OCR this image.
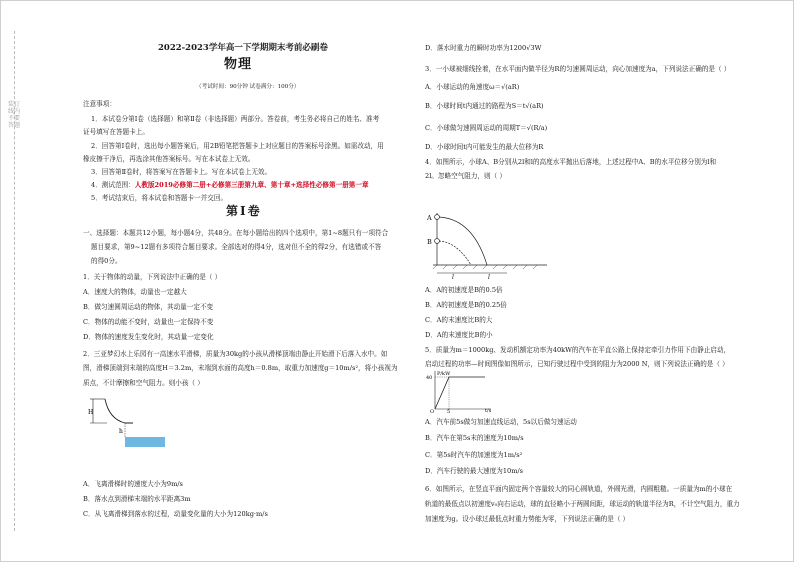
装订线内不要答题
2022-2023学年高一下学期期末考前必刷卷
物理
（考试时间：90分钟 试卷满分：100分）
注意事项：
1．本试卷分第Ⅰ卷（选择题）和第Ⅱ卷（非选择题）两部分。答卷前，考生务必将自己的姓名、准考
证号填写在答题卡上。
2．回答第Ⅰ卷时，选出每小题答案后，用2B铅笔把答题卡上对应题目的答案标号涂黑。如需改动，用
橡皮擦干净后，再选涂其他答案标号。写在本试卷上无效。
3．回答第Ⅱ卷时，将答案写在答题卡上。写在本试卷上无效。
4．测试范围：人教版2019必修第二册+必修第三册第九章、第十章+选择性必修第一册第一章
5．考试结束后，将本试卷和答题卡一并交回。
第Ⅰ卷
一、选择题：本题共12小题，每小题4分，共48分。在每小题给出的四个选项中，第1~8题只有一项符合
题目要求，第9~12题有多项符合题目要求。全部选对的得4分，选对但不全的得2分，有选错或不答
的得0分。
1．关于物体的动量，下列说法中正确的是（ ）
A．速度大的物体，动量也一定越大
B．做匀速圆周运动的物体，其动量一定不变
C．物体的动能不变时，动量也一定保持不变
D．物体的速度发生变化时，其动量一定变化
2．三亚梦幻水上乐园有一高速水平滑梯，质量为30kg的小孩从滑梯顶端由静止开始滑下后落入水中。如
图，滑梯顶端到末端的高度H＝3.2m，末端到水面的高度h＝0.8m，取重力加速度g＝10m/s²，将小孩视为
质点，不计摩擦和空气阻力。则小孩（ ）
H
h
A．飞离滑梯时的速度大小为9m/s
B．落水点到滑梯末端的水平距离3m
C．从飞离滑梯到落水的过程，动量变化量的大小为120kg·m/s
D．落水时重力的瞬时功率为1200√3W
3．一小球被细线拴着，在水平面内做半径为R的匀速圆周运动，向心加速度为a，下列说法正确的是（ ）
A．小球运动的角速度ω＝√(aR)
B．小球时间t内通过的路程为S＝t√(aR)
C．小球做匀速圆周运动的周期T＝√(R/a)
D．小球时间t内可能发生的最大位移为R
4．如图所示，小球A、B分别从2l和l的高度水平抛出后落地，上述过程中A、B的水平位移分别为l和
2l。忽略空气阻力，则（ ）
A
B
l	l
A．A的初速度是B的0.5倍
B．A的初速度是B的0.25倍
C．A的末速度比B的大
D．A的末速度比B的小
5．质量为m＝1000kg、发动机额定功率为40kW的汽车在平直公路上保持定牵引力作用下由静止启动，
启动过程的功率—时间图像如图所示，已知行驶过程中受到的阻力为2000 N，则下列说法正确的是（ ）
P/kW
t/s
40
5
O
A．汽车前5s做匀加速直线运动，5s以后做匀速运动
B．汽车在第5s末的速度为10m/s
C．第5s时汽车的加速度为1m/s²
D．汽车行驶的最大速度为10m/s
6．如图所示，在竖直平面内固定两个容量较大的同心圆轨道，外圆光滑，内圆粗糙。一质量为m的小球在
轨道的最低点以初速度v₀向右运动，球的直径略小于两圆间距，球运动的轨道半径为R，不计空气阻力，重力
加速度为g。设小球过最低点时重力势能为零，下列说法正确的是（ ）
